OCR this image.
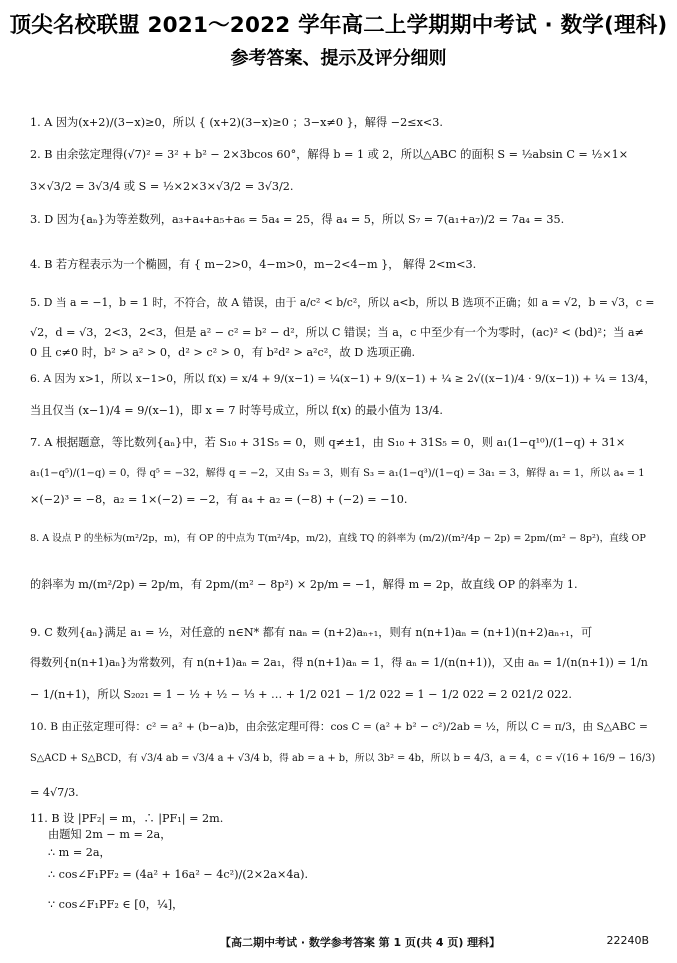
顶尖名校联盟 2021～2022 学年高二上学期期中考试 · 数学(理科)
参考答案、提示及评分细则
1. A 因为(x+2)/(3−x)≥0，所以 { (x+2)(3−x)≥0 ；3−x≠0 }，解得 −2≤x<3.
2. B 由余弦定理得(√7)² = 3² + b² − 2×3bcos 60°，解得 b = 1 或 2，所以△ABC 的面积 S = ½absin C = ½×1×
3×√3/2 = 3√3/4 或 S = ½×2×3×√3/2 = 3√3/2.
3. D 因为{aₙ}为等差数列，a₃+a₄+a₅+a₆ = 5a₄ = 25，得 a₄ = 5，所以 S₇ = 7(a₁+a₇)/2 = 7a₄ = 35.
4. B 若方程表示为一个椭圆，有 { m−2>0，4−m>0，m−2<4−m }， 解得 2<m<3.
5. D 当 a = −1，b = 1 时，不符合，故 A 错误，由于 a/c² < b/c²，所以 a<b，所以 B 选项不正确；如 a = √2，b = √3，c =
√2，d = √3，2<3，2<3，但是 a² − c² = b² − d²，所以 C 错误；当 a，c 中至少有一个为零时，(ac)² < (bd)²；当 a≠
0 且 c≠0 时，b² > a² > 0，d² > c² > 0，有 b²d² > a²c²，故 D 选项正确.
6. A 因为 x>1，所以 x−1>0，所以 f(x) = x/4 + 9/(x−1) = ¼(x−1) + 9/(x−1) + ¼ ≥ 2√((x−1)/4 · 9/(x−1)) + ¼ = 13/4，
当且仅当 (x−1)/4 = 9/(x−1)，即 x = 7 时等号成立，所以 f(x) 的最小值为 13/4.
7. A 根据题意，等比数列{aₙ}中，若 S₁₀ + 31S₅ = 0，则 q≠±1，由 S₁₀ + 31S₅ = 0，则 a₁(1−q¹⁰)/(1−q) + 31×
a₁(1−q⁵)/(1−q) = 0，得 q⁵ = −32，解得 q = −2，又由 S₃ = 3，则有 S₃ = a₁(1−q³)/(1−q) = 3a₁ = 3，解得 a₁ = 1，所以 a₄ = 1
×(−2)³ = −8，a₂ = 1×(−2) = −2，有 a₄ + a₂ = (−8) + (−2) = −10.
8. A 设点 P 的坐标为(m²/2p，m)，有 OP 的中点为 T(m²/4p，m/2)，直线 TQ 的斜率为 (m/2)/(m²/4p − 2p) = 2pm/(m² − 8p²)，直线 OP
的斜率为 m/(m²/2p) = 2p/m，有 2pm/(m² − 8p²) × 2p/m = −1，解得 m = 2p，故直线 OP 的斜率为 1.
9. C 数列{aₙ}满足 a₁ = ½，对任意的 n∈N* 都有 naₙ = (n+2)aₙ₊₁，则有 n(n+1)aₙ = (n+1)(n+2)aₙ₊₁，可
得数列{n(n+1)aₙ}为常数列，有 n(n+1)aₙ = 2a₁，得 n(n+1)aₙ = 1，得 aₙ = 1/(n(n+1))，又由 aₙ = 1/(n(n+1)) = 1/n
− 1/(n+1)，所以 S₂₀₂₁ = 1 − ½ + ½ − ⅓ + … + 1/2 021 − 1/2 022 = 1 − 1/2 022 = 2 021/2 022.
10. B 由正弦定理可得：c² = a² + (b−a)b，由余弦定理可得：cos C = (a² + b² − c²)/2ab = ½，所以 C = π/3，由 S△ABC =
S△ACD + S△BCD，有 √3/4 ab = √3/4 a + √3/4 b，得 ab = a + b，所以 3b² = 4b，所以 b = 4/3，a = 4，c = √(16 + 16/9 − 16/3)
= 4√7/3.
11. B 设 |PF₂| = m，∴ |PF₁| = 2m.
由题知 2m − m = 2a，
∴ m = 2a，
∴ cos∠F₁PF₂ = (4a² + 16a² − 4c²)/(2×2a×4a).
∵ cos∠F₁PF₂ ∈ [0，¼]，
【高二期中考试 · 数学参考答案 第 1 页(共 4 页) 理科】	22240B
